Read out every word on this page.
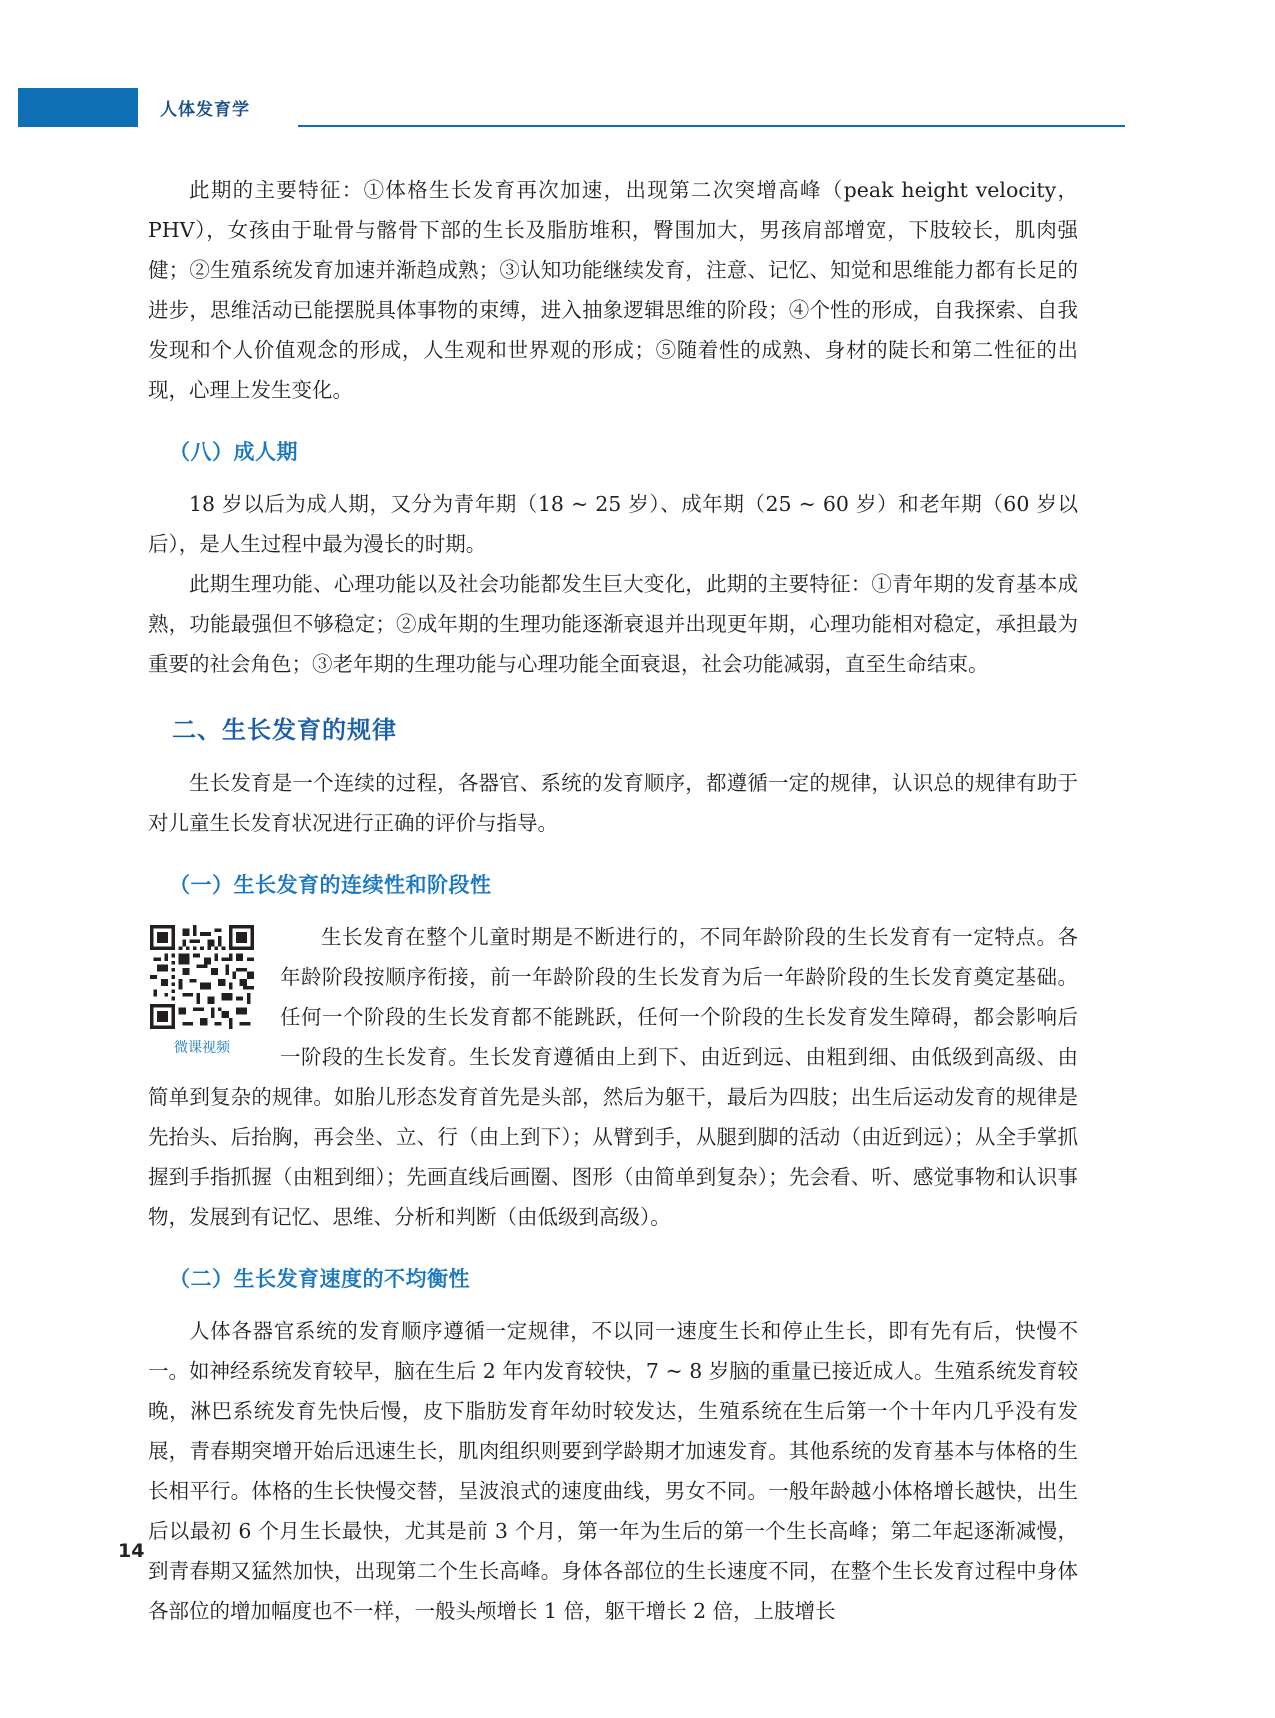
人体发育学

此期的主要特征：①体格生长发育再次加速，出现第二次突增高峰（peak height velocity，PHV），女孩由于耻骨与髂骨下部的生长及脂肪堆积，臀围加大，男孩肩部增宽，下肢较长，肌肉强健；②生殖系统发育加速并渐趋成熟；③认知功能继续发育，注意、记忆、知觉和思维能力都有长足的进步，思维活动已能摆脱具体事物的束缚，进入抽象逻辑思维的阶段；④个性的形成，自我探索、自我发现和个人价值观念的形成，人生观和世界观的形成；⑤随着性的成熟、身材的陡长和第二性征的出现，心理上发生变化。

（八）成人期

18 岁以后为成人期，又分为青年期（18 ~ 25 岁）、成年期（25 ~ 60 岁）和老年期（60 岁以后），是人生过程中最为漫长的时期。

此期生理功能、心理功能以及社会功能都发生巨大变化，此期的主要特征：①青年期的发育基本成熟，功能最强但不够稳定；②成年期的生理功能逐渐衰退并出现更年期，心理功能相对稳定，承担最为重要的社会角色；③老年期的生理功能与心理功能全面衰退，社会功能减弱，直至生命结束。

二、生长发育的规律

生长发育是一个连续的过程，各器官、系统的发育顺序，都遵循一定的规律，认识总的规律有助于对儿童生长发育状况进行正确的评价与指导。

（一）生长发育的连续性和阶段性
微课视频

生长发育在整个儿童时期是不断进行的，不同年龄阶段的生长发育有一定特点。各年龄阶段按顺序衔接，前一年龄阶段的生长发育为后一年龄阶段的生长发育奠定基础。任何一个阶段的生长发育都不能跳跃，任何一个阶段的生长发育发生障碍，都会影响后一阶段的生长发育。生长发育遵循由上到下、由近到远、由粗到细、由低级到高级、由简单到复杂的规律。如胎儿形态发育首先是头部，然后为躯干，最后为四肢；出生后运动发育的规律是先抬头、后抬胸，再会坐、立、行（由上到下）；从臂到手，从腿到脚的活动（由近到远）；从全手掌抓握到手指抓握（由粗到细）；先画直线后画圈、图形（由简单到复杂）；先会看、听、感觉事物和认识事物，发展到有记忆、思维、分析和判断（由低级到高级）。

（二）生长发育速度的不均衡性

人体各器官系统的发育顺序遵循一定规律，不以同一速度生长和停止生长，即有先有后，快慢不一。如神经系统发育较早，脑在生后 2 年内发育较快，7 ~ 8 岁脑的重量已接近成人。生殖系统发育较晚，淋巴系统发育先快后慢，皮下脂肪发育年幼时较发达，生殖系统在生后第一个十年内几乎没有发展，青春期突增开始后迅速生长，肌肉组织则要到学龄期才加速发育。其他系统的发育基本与体格的生长相平行。体格的生长快慢交替，呈波浪式的速度曲线，男女不同。一般年龄越小体格增长越快，出生后以最初 6 个月生长最快，尤其是前 3 个月，第一年为生后的第一个生长高峰；第二年起逐渐减慢，到青春期又猛然加快，出现第二个生长高峰。身体各部位的生长速度不同，在整个生长发育过程中身体各部位的增加幅度也不一样，一般头颅增长 1 倍，躯干增长 2 倍，上肢增长

14
